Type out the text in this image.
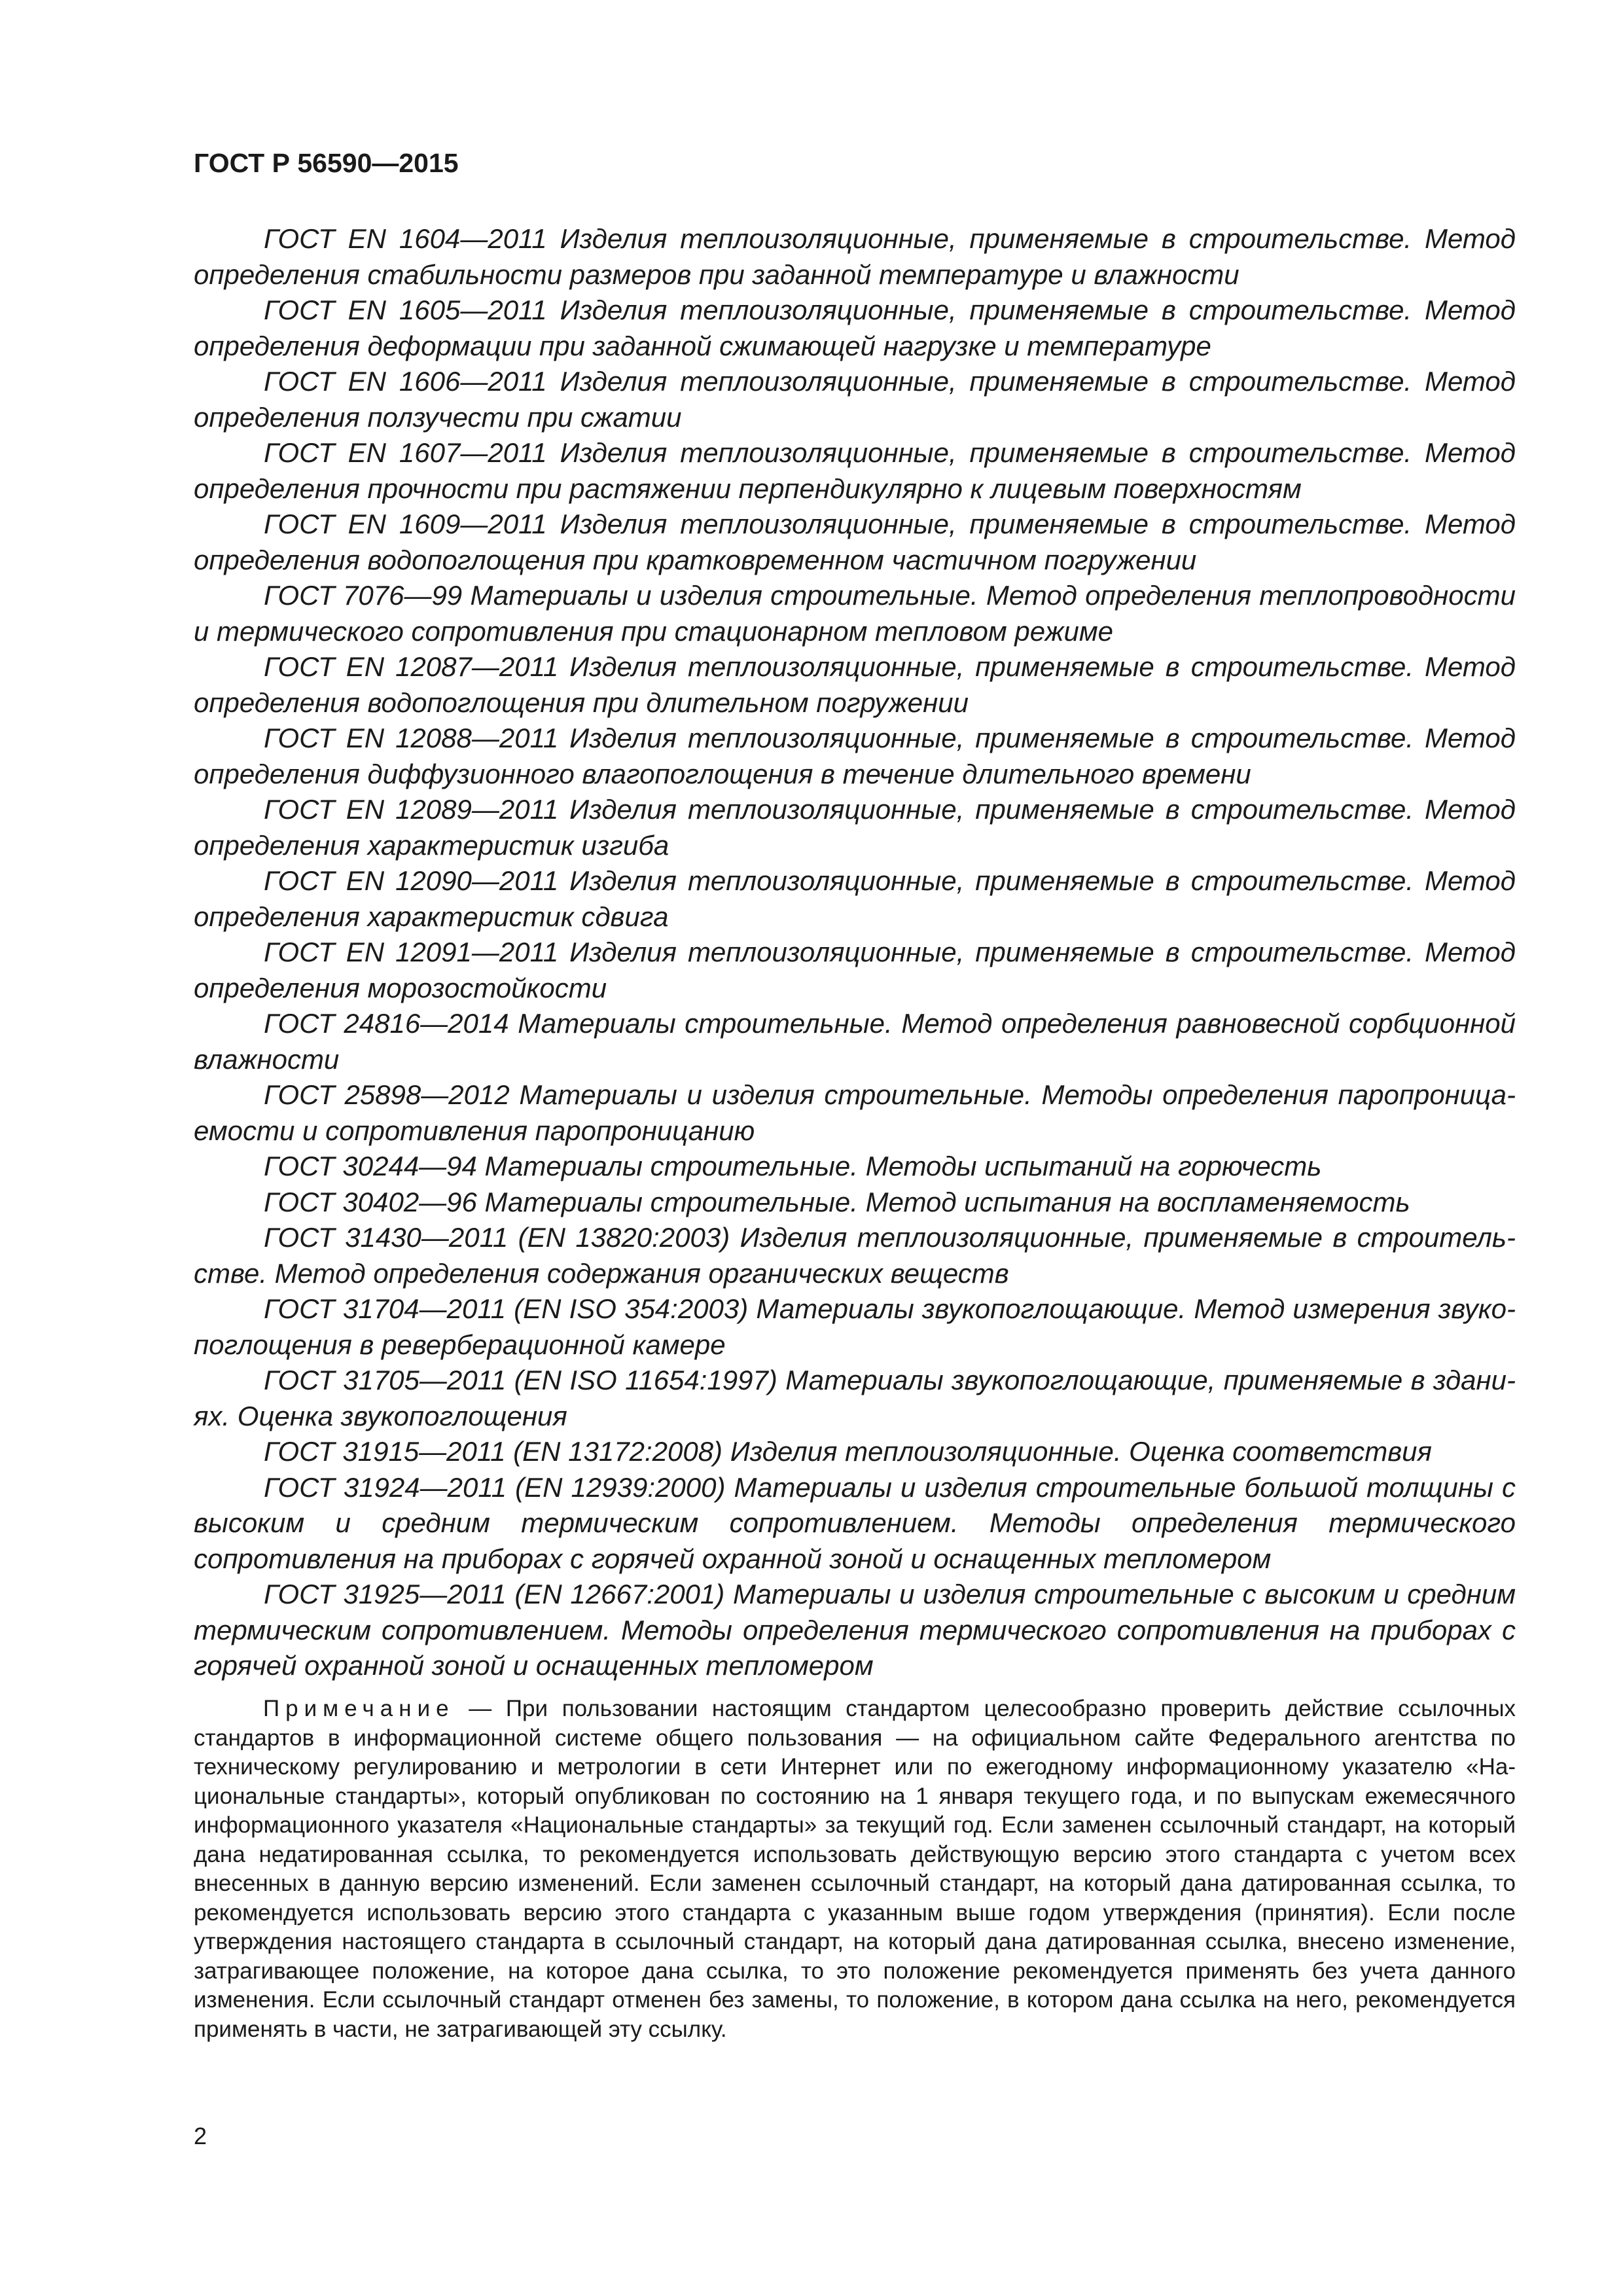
ГОСТ Р 56590—2015

ГОСТ EN 1604—2011 Изделия теплоизоляционные, применяемые в строительстве. Метод определения стабильности размеров при заданной температуре и влажности

ГОСТ EN 1605—2011 Изделия теплоизоляционные, применяемые в строительстве. Метод определения деформации при заданной сжимающей нагрузке и температуре

ГОСТ EN 1606—2011 Изделия теплоизоляционные, применяемые в строительстве. Метод определения ползучести при сжатии

ГОСТ EN 1607—2011 Изделия теплоизоляционные, применяемые в строительстве. Метод определения прочности при растяжении перпендикулярно к лицевым поверхностям

ГОСТ EN 1609—2011 Изделия теплоизоляционные, применяемые в строительстве. Метод определения водопоглощения при кратковременном частичном погружении

ГОСТ 7076—99 Материалы и изделия строительные. Метод определения теплопроводности и термического сопротивления при стационарном тепловом режиме

ГОСТ EN 12087—2011 Изделия теплоизоляционные, применяемые в строительстве. Метод определения водопоглощения при длительном погружении

ГОСТ EN 12088—2011 Изделия теплоизоляционные, применяемые в строительстве. Метод определения диффузионного влагопоглощения в течение длительного времени

ГОСТ EN 12089—2011 Изделия теплоизоляционные, применяемые в строительстве. Метод определения характеристик изгиба

ГОСТ EN 12090—2011 Изделия теплоизоляционные, применяемые в строительстве. Метод определения характеристик сдвига

ГОСТ EN 12091—2011 Изделия теплоизоляционные, применяемые в строительстве. Метод определения морозостойкости

ГОСТ 24816—2014 Материалы строительные. Метод определения равновесной сорбционной влажности

ГОСТ 25898—2012 Материалы и изделия строительные. Методы определения паропроницаемости и сопротивления паропроницанию

ГОСТ 30244—94 Материалы строительные. Методы испытаний на горючесть

ГОСТ 30402—96 Материалы строительные. Метод испытания на воспламеняемость

ГОСТ 31430—2011 (EN 13820:2003) Изделия теплоизоляционные, применяемые в строительстве. Метод определения содержания органических веществ

ГОСТ 31704—2011 (EN ISO 354:2003) Материалы звукопоглощающие. Метод измерения звукопоглощения в реверберационной камере

ГОСТ 31705—2011 (EN ISO 11654:1997) Материалы звукопоглощающие, применяемые в зданиях. Оценка звукопоглощения

ГОСТ 31915—2011 (EN 13172:2008) Изделия теплоизоляционные. Оценка соответствия

ГОСТ 31924—2011 (EN 12939:2000) Материалы и изделия строительные большой толщины с высоким и средним термическим сопротивлением. Методы определения термического сопротивления на приборах с горячей охранной зоной и оснащенных тепломером

ГОСТ 31925—2011 (EN 12667:2001) Материалы и изделия строительные с высоким и средним термическим сопротивлением. Методы определения термического сопротивления на приборах с горячей охранной зоной и оснащенных тепломером

Примечание — При пользовании настоящим стандартом целесообразно проверить действие ссылочных стандартов в информационной системе общего пользования — на официальном сайте Федерального агентства по техническому регулированию и метрологии в сети Интернет или по ежегодному информационному указателю «Национальные стандарты», который опубликован по состоянию на 1 января текущего года, и по выпускам ежемесячного информационного указателя «Национальные стандарты» за текущий год. Если заменен ссылочный стандарт, на который дана недатированная ссылка, то рекомендуется использовать действующую версию этого стандарта с учетом всех внесенных в данную версию изменений. Если заменен ссылочный стандарт, на который дана датированная ссылка, то рекомендуется использовать версию этого стандарта с указанным выше годом утверждения (принятия). Если после утверждения настоящего стандарта в ссылочный стандарт, на который дана датированная ссылка, внесено изменение, затрагивающее положение, на которое дана ссылка, то это положение рекомендуется применять без учета данного изменения. Если ссылочный стандарт отменен без замены, то положение, в котором дана ссылка на него, рекомендуется применять в части, не затрагивающей эту ссылку.

2
